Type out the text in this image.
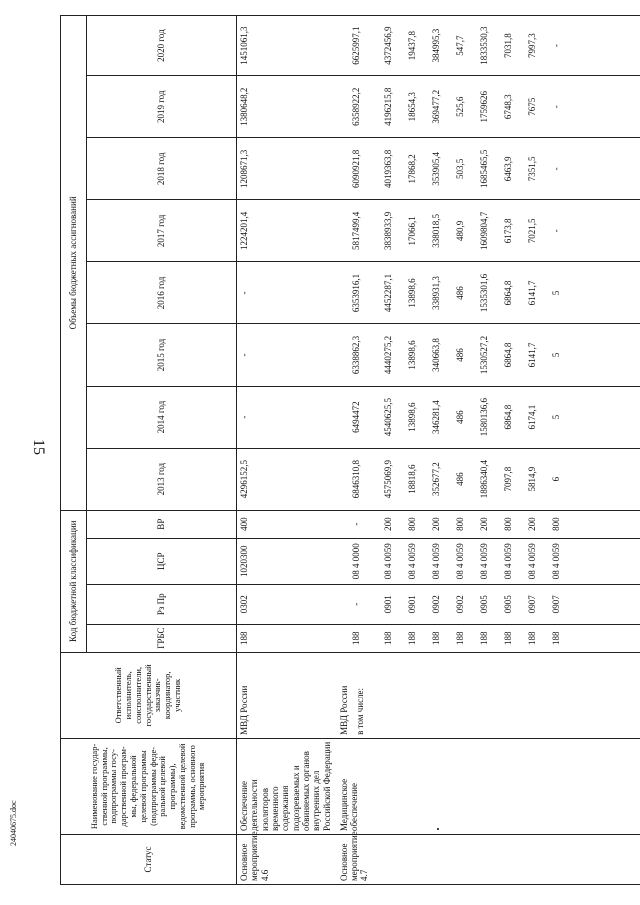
15
24040675.doc
Статус	Наименование государ-ственной программы, подпрограммы госу-дарственной програм-мы, федеральной целевой программы (подпрограммы феде-ральной целевой программы), ведомственной целевой программы, основного мероприятия	Ответственный исполнитель, соисполнители, государственный заказчик-координатор, участник	Код бюджетной классификации				Объемы бюджетных ассигнований							
			ГРБС	Рз Пр	ЦСР	ВР	2013 год	2014 год	2015 год	2016 год	2017 год	2018 год	2019 год	2020 год
Основное мероприятие 4.6	Обеспечение деятельности изоляторов временного содержания подозреваемых и обвиняемых органов внутренних дел Российской Федерации	МВД России	188	0302	1020300	400	4296152,5	-	-	-	1224201,4	1208671,3	1380648,2	1451061,3
Основное мероприятие 4.7	Медицинское обеспечение	МВД России в том числе:	188	-	08 4 0000	-	6846310,8	6494472	6338862,3	6353916,1	5817499,4	6090921,8	6358922,2	6625997,1
			188	0901	08 4 0059	200	4575069,9	4540625,5	4440275,2	4452287,1	3838933,9	4019363,8	4196215,8	4372456,9
			188	0901	08 4 0059	800	18818,6	13898,6	13898,6	13898,6	17066,1	17868,2	18654,3	19437,8
			188	0902	08 4 0059	200	352677,2	346281,4	340663,8	338931,3	338018,5	353905,4	369477,2	384995,3
			188	0902	08 4 0059	800	486	486	486	486	480,9	503,5	525,6	547,7
			188	0905	08 4 0059	200	1886340,4	1580136,6	1530527,2	1535301,6	1609804,7	1685465,5	1759626	1833530,3
			188	0905	08 4 0059	800	7097,8	6864,8	6864,8	6864,8	6173,8	6463,9	6748,3	7031,8
			188	0907	08 4 0059	200	5814,9	6174,1	6141,7	6141,7	7021,5	7351,5	7675	7997,3
			188	0907	08 4 0059	800	6	5	5	5	-	-	-	-
